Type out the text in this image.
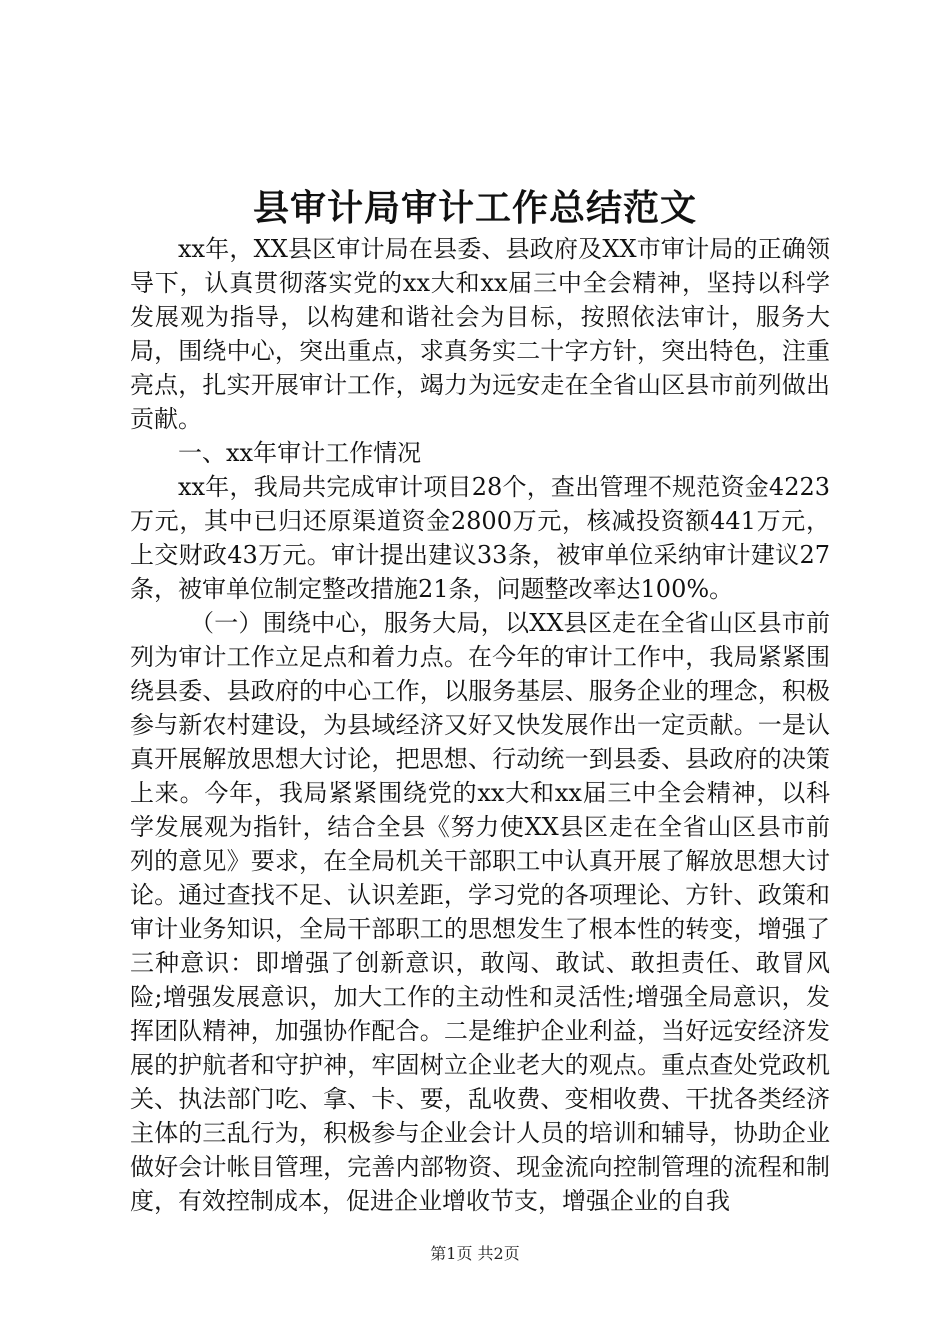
县审计局审计工作总结范文

xx年，XX县区审计局在县委、县政府及XX市审计局的正确领导下，认真贯彻落实党的xx大和xx届三中全会精神，坚持以科学发展观为指导，以构建和谐社会为目标，按照依法审计，服务大局，围绕中心，突出重点，求真务实二十字方针，突出特色，注重亮点，扎实开展审计工作，竭力为远安走在全省山区县市前列做出贡献。

一、xx年审计工作情况

xx年，我局共完成审计项目28个，查出管理不规范资金4223万元，其中已归还原渠道资金2800万元，核减投资额441万元，上交财政43万元。审计提出建议33条，被审单位采纳审计建议27条，被审单位制定整改措施21条，问题整改率达100%。

（一）围绕中心，服务大局，以XX县区走在全省山区县市前列为审计工作立足点和着力点。在今年的审计工作中，我局紧紧围绕县委、县政府的中心工作，以服务基层、服务企业的理念，积极参与新农村建设，为县域经济又好又快发展作出一定贡献。一是认真开展解放思想大讨论，把思想、行动统一到县委、县政府的决策上来。今年，我局紧紧围绕党的xx大和xx届三中全会精神，以科学发展观为指针，结合全县《努力使XX县区走在全省山区县市前列的意见》要求，在全局机关干部职工中认真开展了解放思想大讨论。通过查找不足、认识差距，学习党的各项理论、方针、政策和审计业务知识，全局干部职工的思想发生了根本性的转变，增强了三种意识：即增强了创新意识，敢闯、敢试、敢担责任、敢冒风险;增强发展意识，加大工作的主动性和灵活性;增强全局意识，发挥团队精神，加强协作配合。二是维护企业利益，当好远安经济发展的护航者和守护神，牢固树立企业老大的观点。重点查处党政机关、执法部门吃、拿、卡、要，乱收费、变相收费、干扰各类经济主体的三乱行为，积极参与企业会计人员的培训和辅导，协助企业做好会计帐目管理，完善内部物资、现金流向控制管理的流程和制度，有效控制成本，促进企业增收节支，增强企业的自我

第1页 共2页
